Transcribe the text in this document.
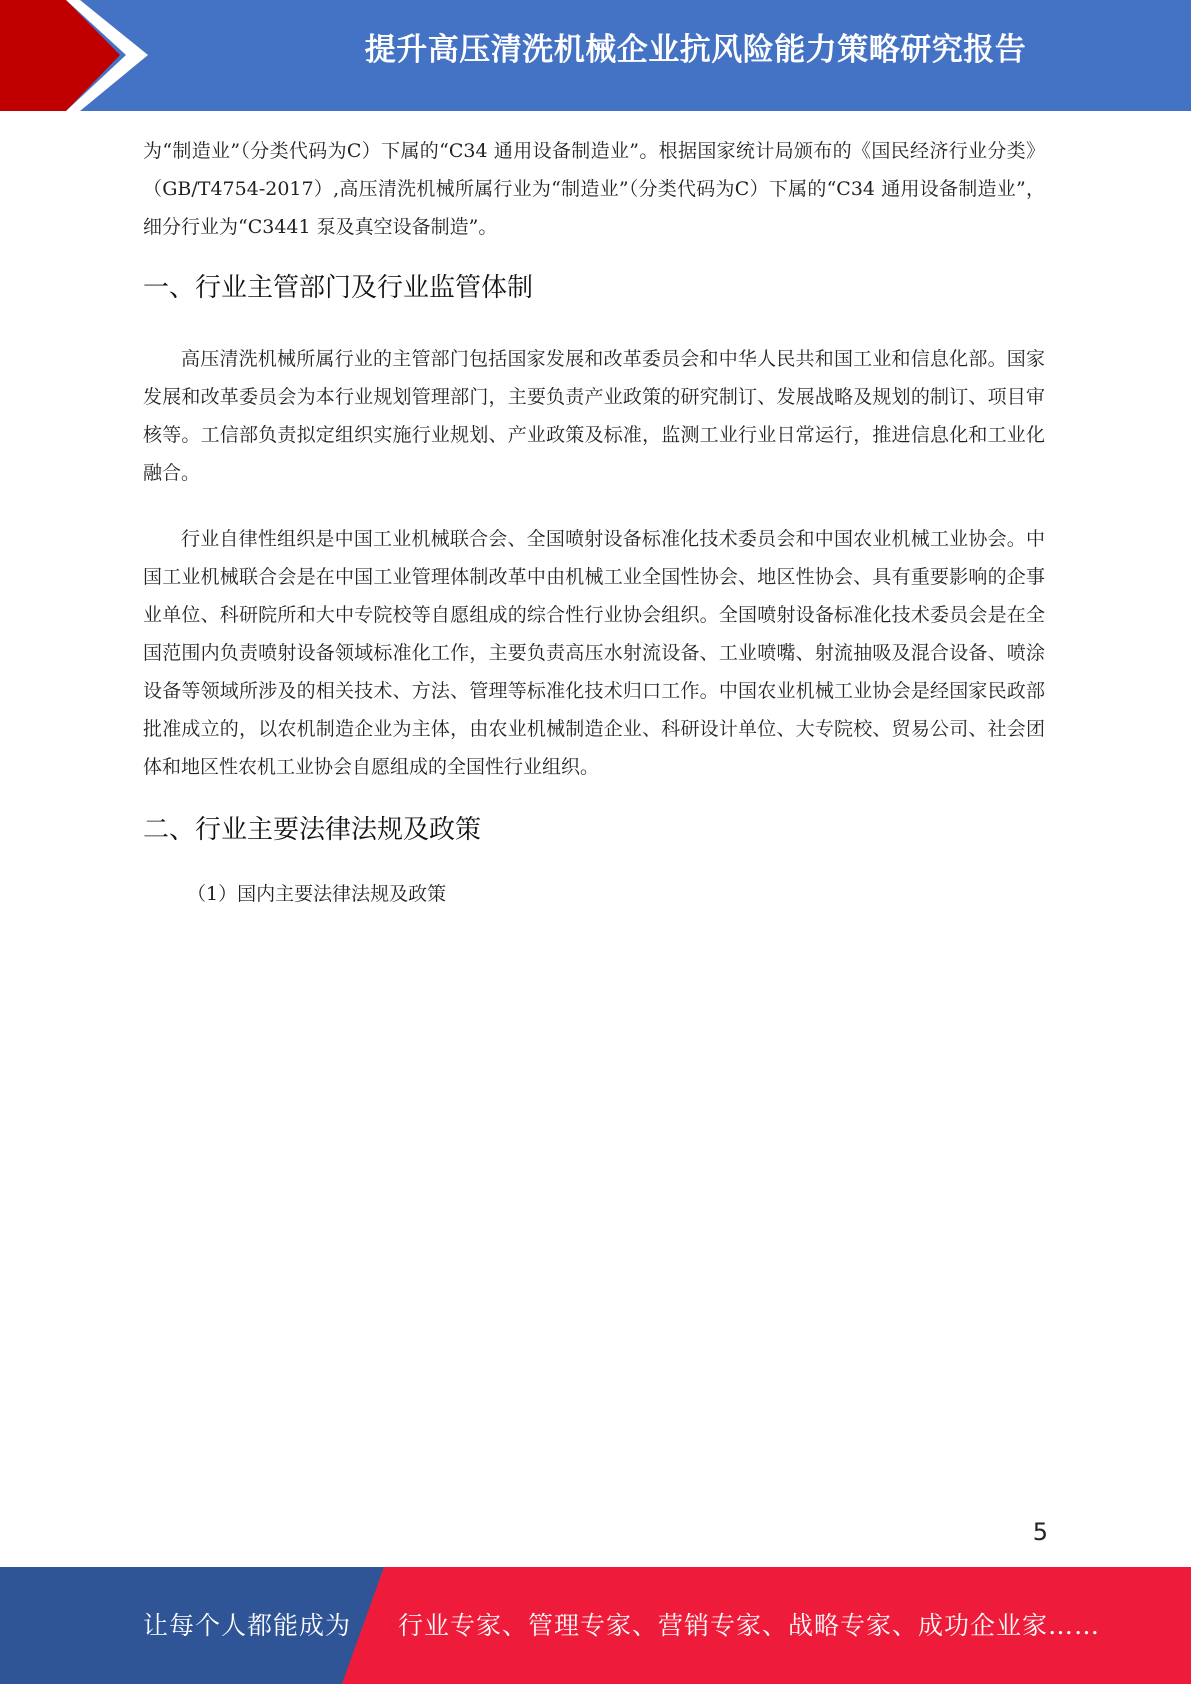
提升高压清洗机械企业抗风险能力策略研究报告

为“制造业”（分类代码为C）下属的“C34 通用设备制造业”。根据国家统计局颁布的《国民经济行业分类》（GB/T4754-2017）,高压清洗机械所属行业为“制造业”（分类代码为C）下属的“C34 通用设备制造业”，细分行业为“C3441 泵及真空设备制造”。

一、行业主管部门及行业监管体制

高压清洗机械所属行业的主管部门包括国家发展和改革委员会和中华人民共和国工业和信息化部。国家发展和改革委员会为本行业规划管理部门，主要负责产业政策的研究制订、发展战略及规划的制订、项目审核等。工信部负责拟定组织实施行业规划、产业政策及标准，监测工业行业日常运行，推进信息化和工业化融合。

行业自律性组织是中国工业机械联合会、全国喷射设备标准化技术委员会和中国农业机械工业协会。中国工业机械联合会是在中国工业管理体制改革中由机械工业全国性协会、地区性协会、具有重要影响的企事业单位、科研院所和大中专院校等自愿组成的综合性行业协会组织。全国喷射设备标准化技术委员会是在全国范围内负责喷射设备领域标准化工作，主要负责高压水射流设备、工业喷嘴、射流抽吸及混合设备、喷涂设备等领域所涉及的相关技术、方法、管理等标准化技术归口工作。中国农业机械工业协会是经国家民政部批准成立的，以农机制造企业为主体，由农业机械制造企业、科研设计单位、大专院校、贸易公司、社会团体和地区性农机工业协会自愿组成的全国性行业组织。

二、行业主要法律法规及政策

（1）国内主要法律法规及政策

5
让每个人都能成为 行业专家、管理专家、营销专家、战略专家、成功企业家……
